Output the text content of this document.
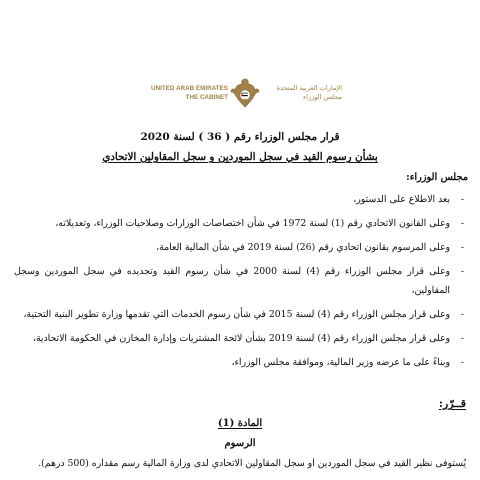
UNITED ARAB EMIRATES
THE CABINET
الإمارات العربية المتحدة
مجلس الوزراء
قرار مجلس الوزراء رقم ( 36 ) لسنة 2020
بشأن رسوم القيد في سجل الموردين و سجل المقاولين الاتحادي
مجلس الوزراء:
- بعد الاطلاع على الدستور،
- وعلى القانون الاتحادي رقم (1) لسنة 1972 في شأن اختصاصات الوزارات وصلاحيات الوزراء، وتعديلاته،
- وعلى المرسوم بقانون اتحادي رقم (26) لسنة 2019 في شأن المالية العامة،
- وعلى قرار مجلس الوزراء رقم (4) لسنة 2000 في شأن رسوم القيد وتجديده في سجل الموردين وسجل المقاولين،
- وعلى قرار مجلس الوزراء رقم (4) لسنة 2015 في شأن رسوم الخدمات التي تقدمها وزارة تطوير البنية التحتية،
- وعلى قرار مجلس الوزراء رقم (4) لسنة 2019 بشأن لائحة المشتريات وإدارة المخازن في الحكومة الاتحادية،
- وبناءً على ما عرضه وزير المالية، وموافقة مجلس الوزراء،
قــرّر:
المادة (1)
الرسوم
يُستوفى نظير القيد في سجل الموردين أو سجل المقاولين الاتحادي لدى وزارة المالية رسم مقداره (500 درهم).
